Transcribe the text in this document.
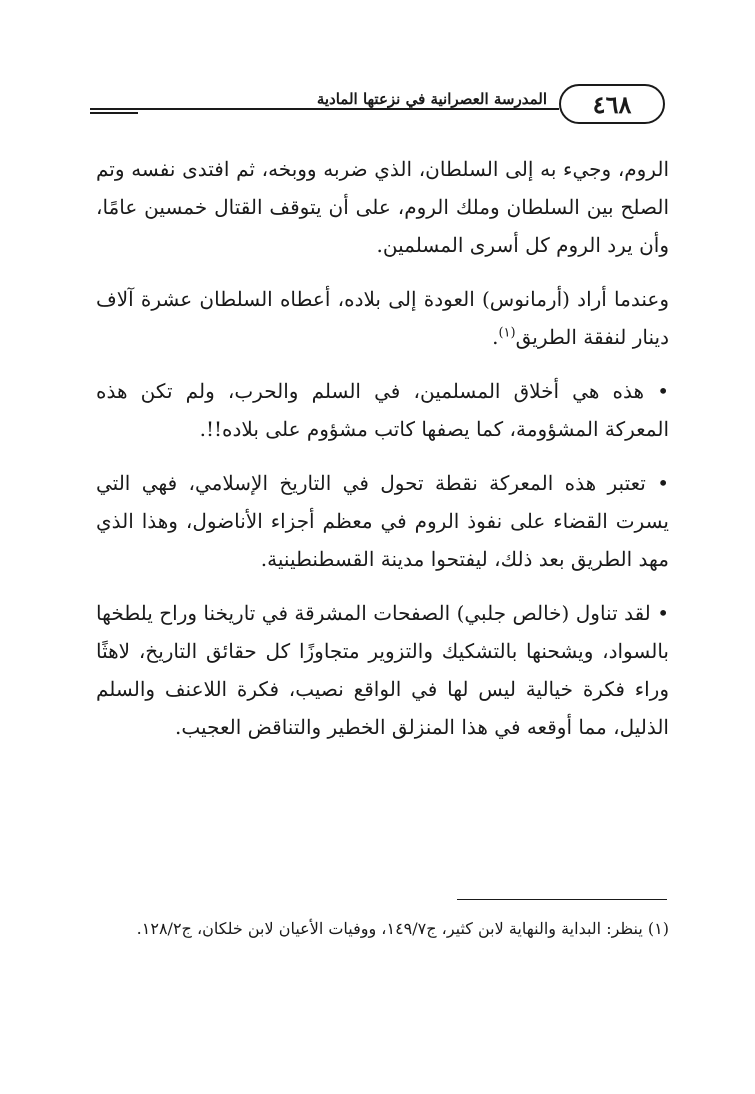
٤٦٨
المدرسة العصرانية في نزعتها المادية

الروم، وجيء به إلى السلطان، الذي ضربه ووبخه، ثم افتدى نفسه وتم الصلح بين السلطان وملك الروم، على أن يتوقف القتال خمسين عامًا، وأن يرد الروم كل أسرى المسلمين.

وعندما أراد (أرمانوس) العودة إلى بلاده، أعطاه السلطان عشرة آلاف دينار لنفقة الطريق$^{(١)}$.

• هذه هي أخلاق المسلمين، في السلم والحرب، ولم تكن هذه المعركة المشؤومة، كما يصفها كاتب مشؤوم على بلاده!!.

• تعتبر هذه المعركة نقطة تحول في التاريخ الإسلامي، فهي التي يسرت القضاء على نفوذ الروم في معظم أجزاء الأناضول، وهذا الذي مهد الطريق بعد ذلك، ليفتحوا مدينة القسطنطينية.

• لقد تناول (خالص جلبي) الصفحات المشرقة في تاريخنا وراح يلطخها بالسواد، ويشحنها بالتشكيك والتزوير متجاوزًا كل حقائق التاريخ، لاهثًا وراء فكرة خيالية ليس لها في الواقع نصيب، فكرة اللاعنف والسلم الذليل، مما أوقعه في هذا المنزلق الخطير والتناقض العجيب.

(١) ينظر: البداية والنهاية لابن كثير، ج١٤٩/٧، ووفيات الأعيان لابن خلكان، ج١٢٨/٢.
